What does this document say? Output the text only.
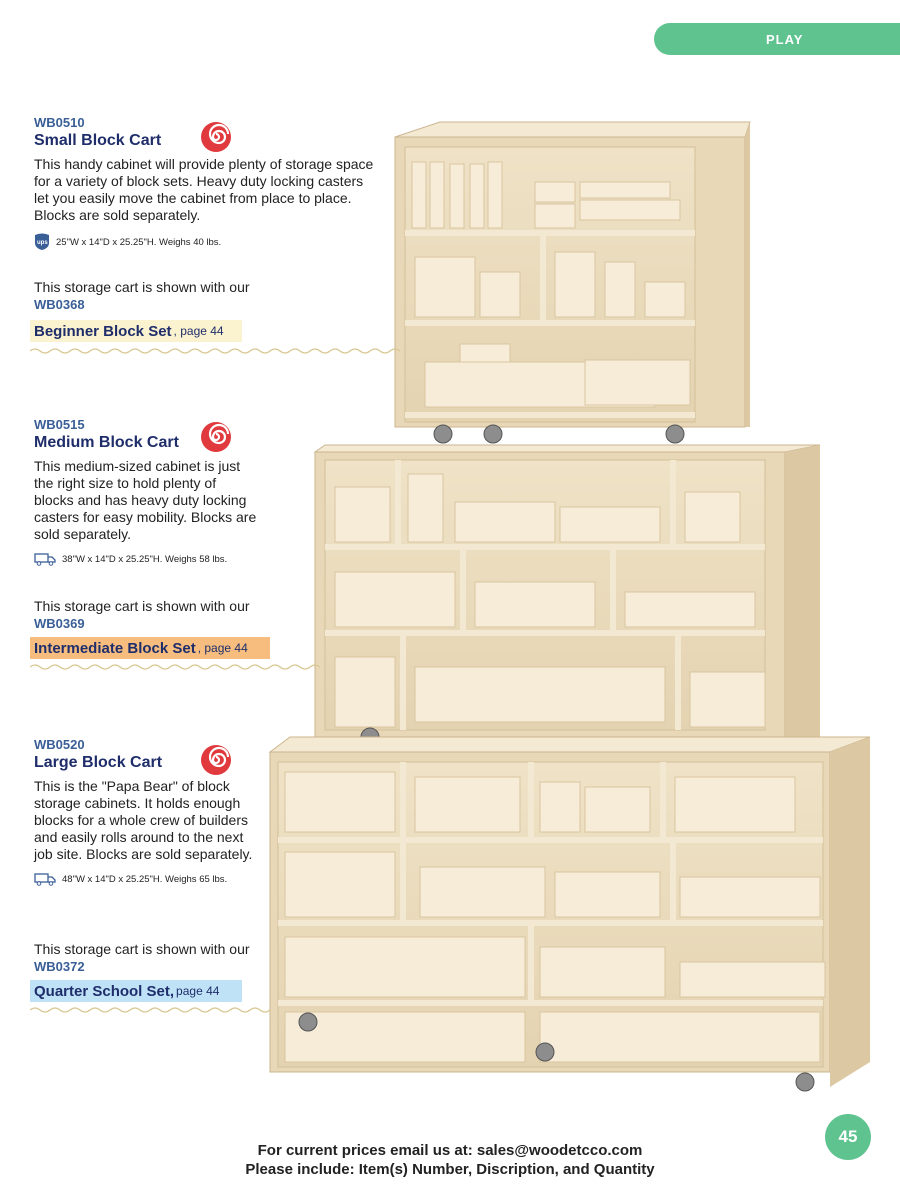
PLAY

WB0510

Small Block Cart

This handy cabinet will provide plenty of storage space for a variety of block sets. Heavy duty locking casters let you easily move the cabinet from place to place. Blocks are sold separately.

ups 25"W x 14"D x 25.25"H. Weighs 40 lbs.

This storage cart is shown with our

WB0368

Beginner Block Set , page 44

WB0515

Medium Block Cart

This medium-sized cabinet is just the right size to hold plenty of blocks and has heavy duty locking casters for easy mobility. Blocks are sold separately.

38"W x 14"D x 25.25"H. Weighs 58 lbs.

This storage cart is shown with our

WB0369

Intermediate Block Set , page 44

WB0520

Large Block Cart

This is the "Papa Bear" of block storage cabinets. It holds enough blocks for a whole crew of builders and easily rolls around to the next job site. Blocks are sold separately.

48"W x 14"D x 25.25"H. Weighs 65 lbs.

This storage cart is shown with our

WB0372

Quarter School Set, page 44
45
For current prices email us at: sales@woodetcco.com
Please include: Item(s) Number, Discription, and Quantity
